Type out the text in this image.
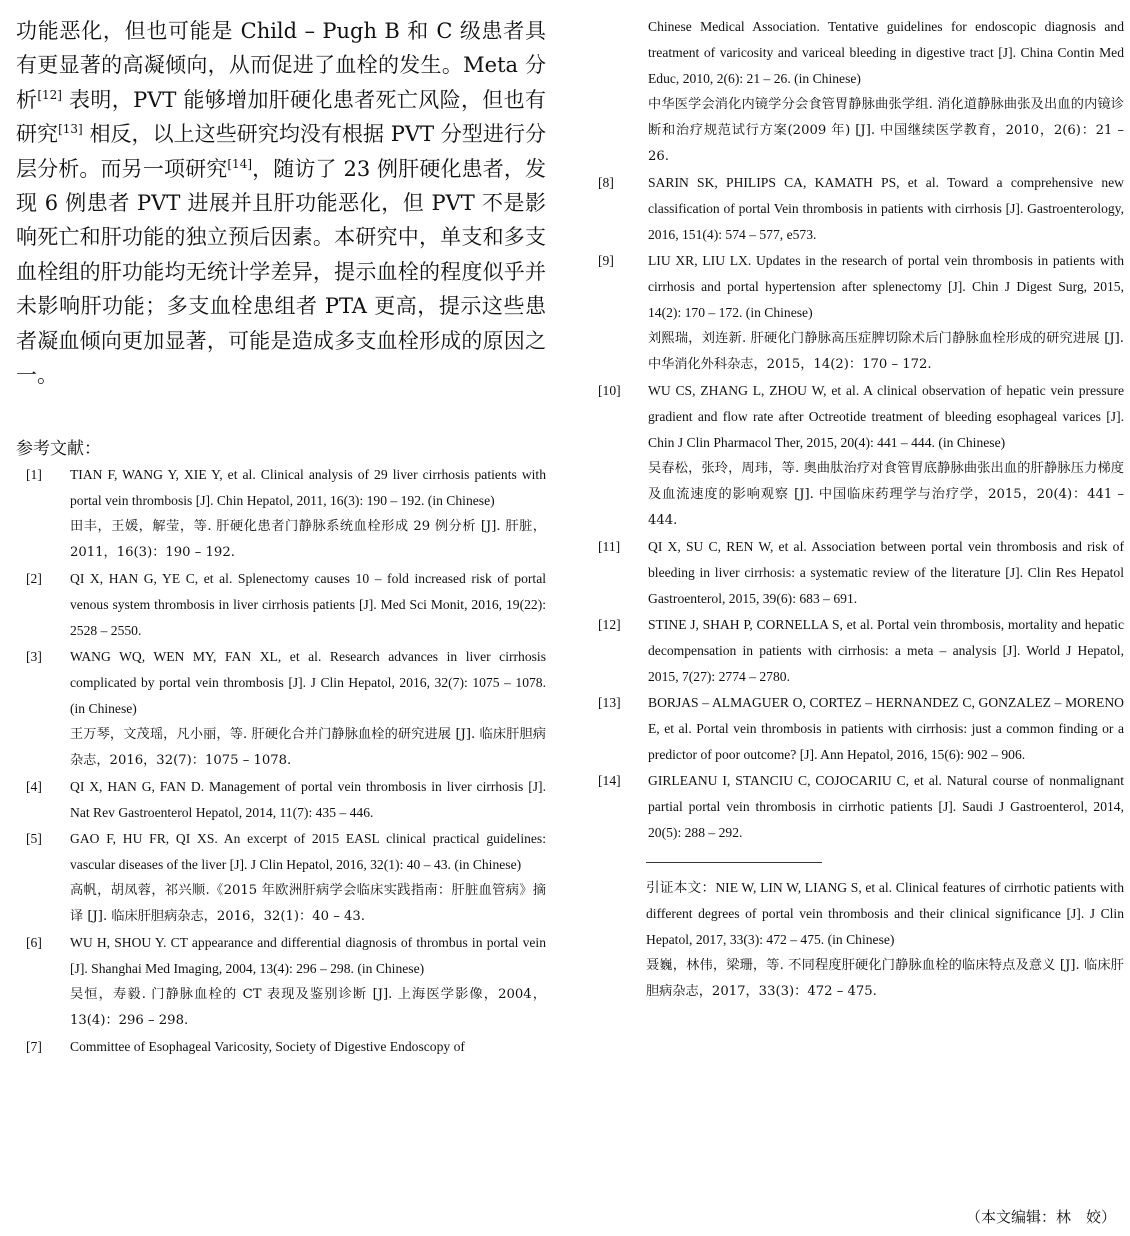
功能恶化，但也可能是 Child – Pugh B 和 C 级患者具有更显著的高凝倾向，从而促进了血栓的发生。Meta 分析[12] 表明，PVT 能够增加肝硬化患者死亡风险，但也有研究[13] 相反，以上这些研究均没有根据 PVT 分型进行分层分析。而另一项研究[14]，随访了 23 例肝硬化患者，发现 6 例患者 PVT 进展并且肝功能恶化，但 PVT 不是影响死亡和肝功能的独立预后因素。本研究中，单支和多支血栓组的肝功能均无统计学差异，提示血栓的程度似乎并未影响肝功能；多支血栓患组者 PTA 更高，提示这些患者凝血倾向更加显著，可能是造成多支血栓形成的原因之一。

参考文献：
[1]	TIAN F, WANG Y, XIE Y, et al. Clinical analysis of 29 liver cirrhosis patients with portal vein thrombosis [J]. Chin Hepatol, 2011, 16(3): 190 – 192. (in Chinese)
田丰，王媛，解莹，等. 肝硬化患者门静脉系统血栓形成 29 例分析 [J]. 肝脏，2011，16(3)：190 – 192.
[2]	QI X, HAN G, YE C, et al. Splenectomy causes 10 – fold increased risk of portal venous system thrombosis in liver cirrhosis patients [J]. Med Sci Monit, 2016, 19(22): 2528 – 2550.
[3]	WANG WQ, WEN MY, FAN XL, et al. Research advances in liver cirrhosis complicated by portal vein thrombosis [J]. J Clin Hepatol, 2016, 32(7): 1075 – 1078. (in Chinese)
王万琴，文茂瑶，凡小丽，等. 肝硬化合并门静脉血栓的研究进展 [J]. 临床肝胆病杂志，2016，32(7)：1075 – 1078.
[4]	QI X, HAN G, FAN D. Management of portal vein thrombosis in liver cirrhosis [J]. Nat Rev Gastroenterol Hepatol, 2014, 11(7): 435 – 446.
[5]	GAO F, HU FR, QI XS. An excerpt of 2015 EASL clinical practical guidelines: vascular diseases of the liver [J]. J Clin Hepatol, 2016, 32(1): 40 – 43. (in Chinese)
高帆，胡凤蓉，祁兴顺.《2015 年欧洲肝病学会临床实践指南：肝脏血管病》摘译 [J]. 临床肝胆病杂志，2016，32(1)：40 – 43.
[6]	WU H, SHOU Y. CT appearance and differential diagnosis of thrombus in portal vein [J]. Shanghai Med Imaging, 2004, 13(4): 296 – 298. (in Chinese)
吴恒，寿毅. 门静脉血栓的 CT 表现及鉴别诊断 [J]. 上海医学影像，2004，13(4)：296 – 298.
[7]	Committee of Esophageal Varicosity, Society of Digestive Endoscopy of
Chinese Medical Association. Tentative guidelines for endoscopic diagnosis and treatment of varicosity and variceal bleeding in digestive tract [J]. China Contin Med Educ, 2010, 2(6): 21 – 26. (in Chinese)
中华医学会消化内镜学分会食管胃静脉曲张学组. 消化道静脉曲张及出血的内镜诊断和治疗规范试行方案(2009 年) [J]. 中国继续医学教育，2010，2(6)：21 – 26.
[8]	SARIN SK, PHILIPS CA, KAMATH PS, et al. Toward a comprehensive new classification of portal Vein thrombosis in patients with cirrhosis [J]. Gastroenterology, 2016, 151(4): 574 – 577, e573.
[9]	LIU XR, LIU LX. Updates in the research of portal vein thrombosis in patients with cirrhosis and portal hypertension after splenectomy [J]. Chin J Digest Surg, 2015, 14(2): 170 – 172. (in Chinese)
刘熙瑞，刘连新. 肝硬化门静脉高压症脾切除术后门静脉血栓形成的研究进展 [J]. 中华消化外科杂志，2015，14(2)：170 – 172.
[10]	WU CS, ZHANG L, ZHOU W, et al. A clinical observation of hepatic vein pressure gradient and flow rate after Octreotide treatment of bleeding esophageal varices [J]. Chin J Clin Pharmacol Ther, 2015, 20(4): 441 – 444. (in Chinese)
吴春松，张玲，周玮，等. 奥曲肽治疗对食管胃底静脉曲张出血的肝静脉压力梯度及血流速度的影响观察 [J]. 中国临床药理学与治疗学，2015，20(4)：441 – 444.
[11]	QI X, SU C, REN W, et al. Association between portal vein thrombosis and risk of bleeding in liver cirrhosis: a systematic review of the literature [J]. Clin Res Hepatol Gastroenterol, 2015, 39(6): 683 – 691.
[12]	STINE J, SHAH P, CORNELLA S, et al. Portal vein thrombosis, mortality and hepatic decompensation in patients with cirrhosis: a meta – analysis [J]. World J Hepatol, 2015, 7(27): 2774 – 2780.
[13]	BORJAS – ALMAGUER O, CORTEZ – HERNANDEZ C, GONZALEZ – MORENO E, et al. Portal vein thrombosis in patients with cirrhosis: just a common finding or a predictor of poor outcome? [J]. Ann Hepatol, 2016, 15(6): 902 – 906.
[14]	GIRLEANU I, STANCIU C, COJOCARIU C, et al. Natural course of nonmalignant partial portal vein thrombosis in cirrhotic patients [J]. Saudi J Gastroenterol, 2014, 20(5): 288 – 292.
引证本文：NIE W, LIN W, LIANG S, et al. Clinical features of cirrhotic patients with different degrees of portal vein thrombosis and their clinical significance [J]. J Clin Hepatol, 2017, 33(3): 472 – 475. (in Chinese)
聂巍，林伟，梁珊，等. 不同程度肝硬化门静脉血栓的临床特点及意义 [J]. 临床肝胆病杂志，2017，33(3)：472 – 475.
（本文编辑：林　姣）
